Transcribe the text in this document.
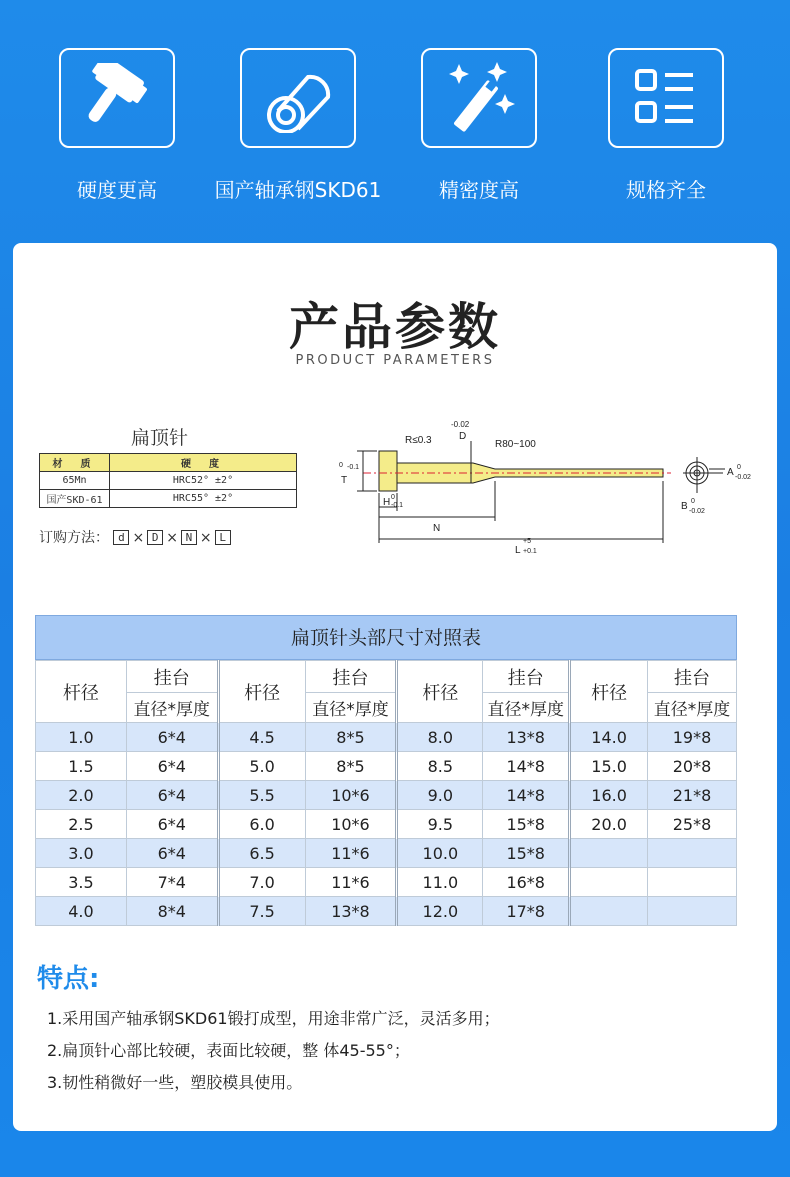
硬度更高	国产轴承钢SKD61	精密度高	规格齐全
产品参数
PRODUCT PARAMETERS
扁顶针
材 质	硬 度
65Mn	HRC52° ±2°
国产SKD-61	HRC55° ±2°
订购方法： d × D × N × L
R≤0.3	R80~100
D
-0.02
T
0 -0.1
H 0
-0.1
N
L
+5
+0.1
A 0
-0.02
B 0
-0.02
扁顶针头部尺寸对照表
杆径	挂台	杆径	挂台	杆径	挂台	杆径	挂台
	直径*厚度		直径*厚度		直径*厚度		直径*厚度
1.0	6*4	4.5	8*5	8.0	13*8	14.0	19*8
1.5	6*4	5.0	8*5	8.5	14*8	15.0	20*8
2.0	6*4	5.5	10*6	9.0	14*8	16.0	21*8
2.5	6*4	6.0	10*6	9.5	15*8	20.0	25*8
3.0	6*4	6.5	11*6	10.0	15*8		
3.5	7*4	7.0	11*6	11.0	16*8		
4.0	8*4	7.5	13*8	12.0	17*8		
特点:
1.采用国产轴承钢SKD61锻打成型，用途非常广泛，灵活多用；
2.扁顶针心部比较硬，表面比较硬，整 体45-55°；
3.韧性稍微好一些，塑胶模具使用。
